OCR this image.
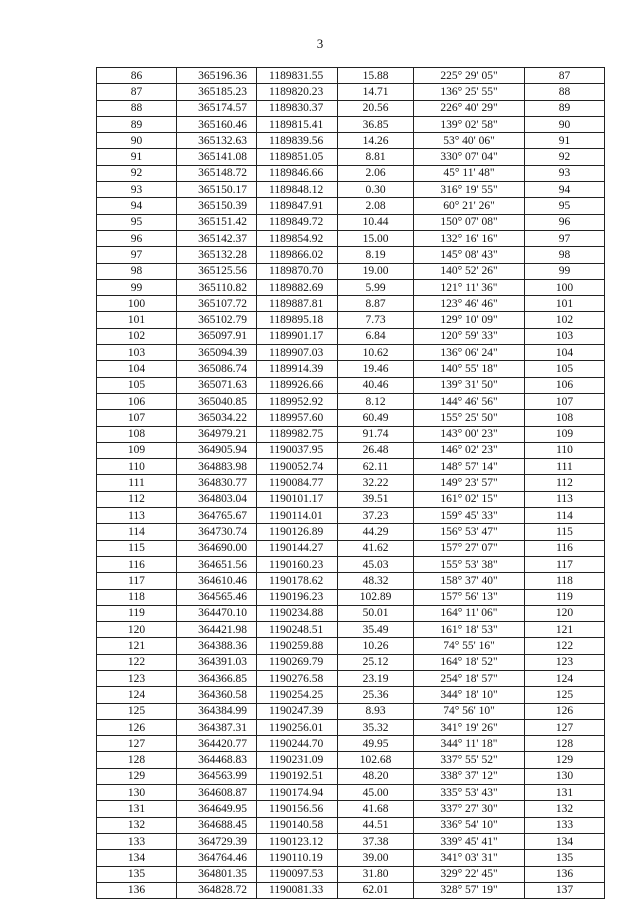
3
86	365196.36	1189831.55	15.88	225° 29' 05"	87
87	365185.23	1189820.23	14.71	136° 25' 55"	88
88	365174.57	1189830.37	20.56	226° 40' 29"	89
89	365160.46	1189815.41	36.85	139° 02' 58"	90
90	365132.63	1189839.56	14.26	53° 40' 06"	91
91	365141.08	1189851.05	8.81	330° 07' 04"	92
92	365148.72	1189846.66	2.06	45° 11' 48"	93
93	365150.17	1189848.12	0.30	316° 19' 55"	94
94	365150.39	1189847.91	2.08	60° 21' 26"	95
95	365151.42	1189849.72	10.44	150° 07' 08"	96
96	365142.37	1189854.92	15.00	132° 16' 16"	97
97	365132.28	1189866.02	8.19	145° 08' 43"	98
98	365125.56	1189870.70	19.00	140° 52' 26"	99
99	365110.82	1189882.69	5.99	121° 11' 36"	100
100	365107.72	1189887.81	8.87	123° 46' 46"	101
101	365102.79	1189895.18	7.73	129° 10' 09"	102
102	365097.91	1189901.17	6.84	120° 59' 33"	103
103	365094.39	1189907.03	10.62	136° 06' 24"	104
104	365086.74	1189914.39	19.46	140° 55' 18"	105
105	365071.63	1189926.66	40.46	139° 31' 50"	106
106	365040.85	1189952.92	8.12	144° 46' 56"	107
107	365034.22	1189957.60	60.49	155° 25' 50"	108
108	364979.21	1189982.75	91.74	143° 00' 23"	109
109	364905.94	1190037.95	26.48	146° 02' 23"	110
110	364883.98	1190052.74	62.11	148° 57' 14"	111
111	364830.77	1190084.77	32.22	149° 23' 57"	112
112	364803.04	1190101.17	39.51	161° 02' 15"	113
113	364765.67	1190114.01	37.23	159° 45' 33"	114
114	364730.74	1190126.89	44.29	156° 53' 47"	115
115	364690.00	1190144.27	41.62	157° 27' 07"	116
116	364651.56	1190160.23	45.03	155° 53' 38"	117
117	364610.46	1190178.62	48.32	158° 37' 40"	118
118	364565.46	1190196.23	102.89	157° 56' 13"	119
119	364470.10	1190234.88	50.01	164° 11' 06"	120
120	364421.98	1190248.51	35.49	161° 18' 53"	121
121	364388.36	1190259.88	10.26	74° 55' 16"	122
122	364391.03	1190269.79	25.12	164° 18' 52"	123
123	364366.85	1190276.58	23.19	254° 18' 57"	124
124	364360.58	1190254.25	25.36	344° 18' 10"	125
125	364384.99	1190247.39	8.93	74° 56' 10"	126
126	364387.31	1190256.01	35.32	341° 19' 26"	127
127	364420.77	1190244.70	49.95	344° 11' 18"	128
128	364468.83	1190231.09	102.68	337° 55' 52"	129
129	364563.99	1190192.51	48.20	338° 37' 12"	130
130	364608.87	1190174.94	45.00	335° 53' 43"	131
131	364649.95	1190156.56	41.68	337° 27' 30"	132
132	364688.45	1190140.58	44.51	336° 54' 10"	133
133	364729.39	1190123.12	37.38	339° 45' 41"	134
134	364764.46	1190110.19	39.00	341° 03' 31"	135
135	364801.35	1190097.53	31.80	329° 22' 45"	136
136	364828.72	1190081.33	62.01	328° 57' 19"	137
